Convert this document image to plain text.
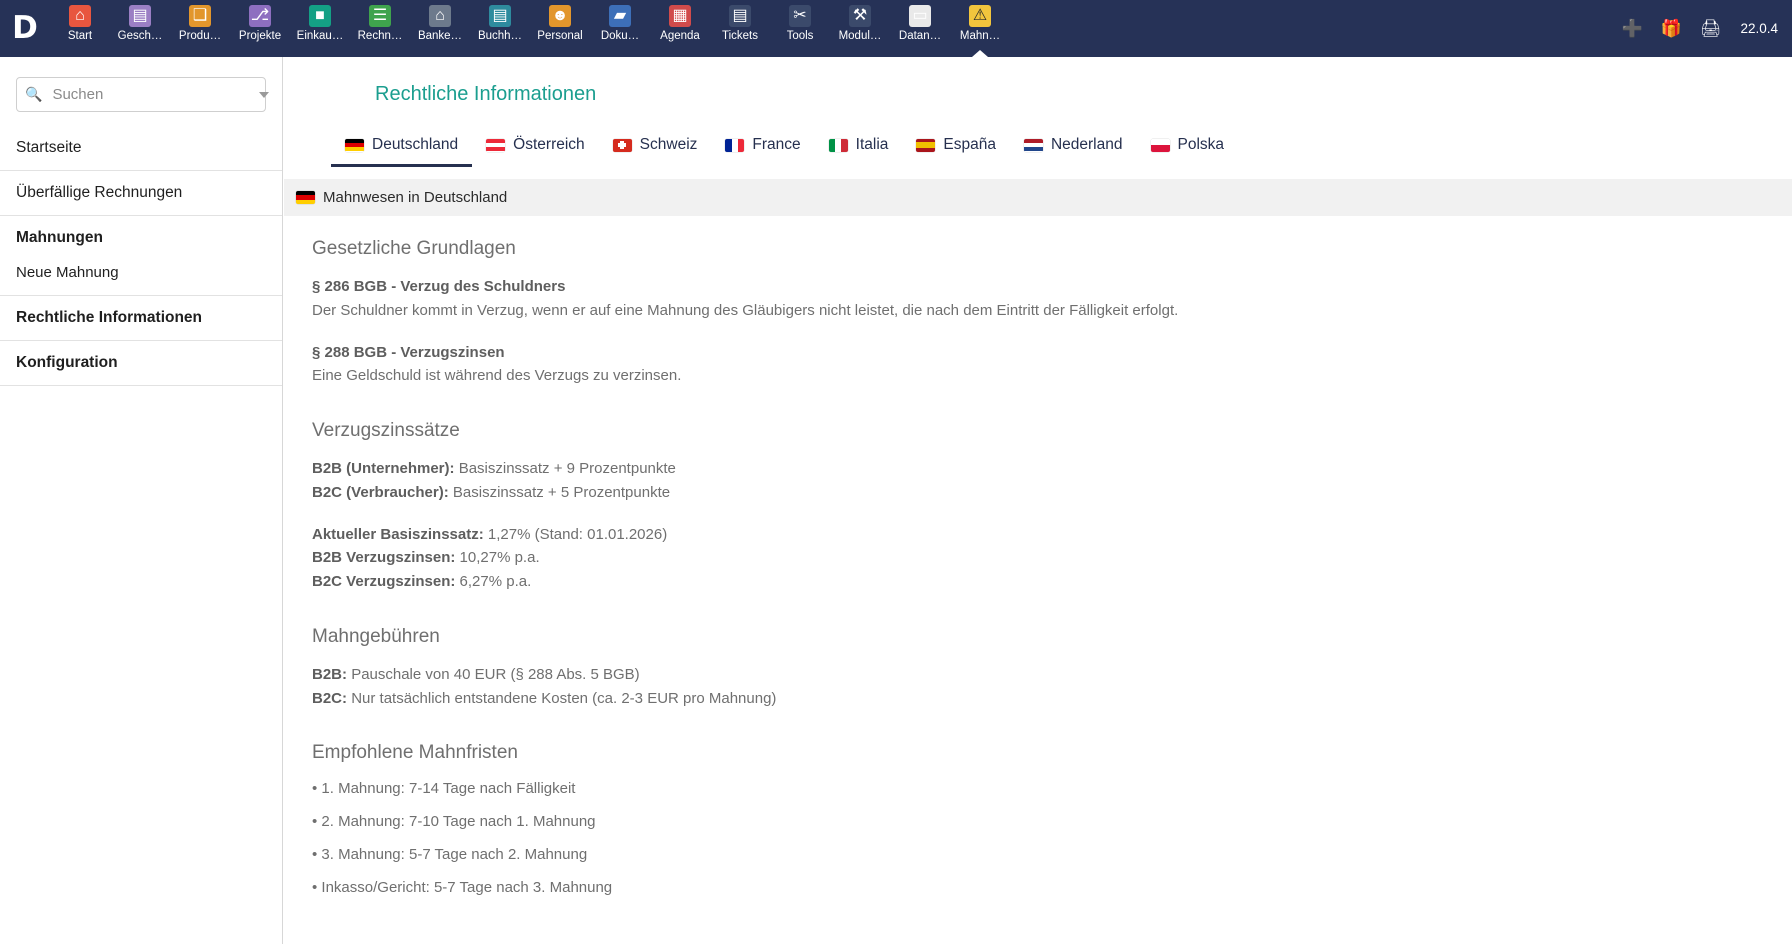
D	⌂
Start
▤
Gesch…
❑
Produ…
⎇
Projekte
■
Einkau…
☰
Rechn…
⌂
Banke…
▤
Buchh…
☻
Personal
▰
Doku…
▦
Agenda
▤
Tickets
✂
Tools
⚒
Modul…
▭
Datan…
⚠
Mahn…	➕ 🎁 🖨 22.0.4
🔍
Suchen
Startseite
Überfällige Rechnungen
Mahnungen
Neue Mahnung
Rechtliche Informationen
Konfiguration
Rechtliche Informationen
Deutschland	Österreich	Schweiz	France	Italia	España	Nederland	Polska
Mahnwesen in Deutschland
Gesetzliche Grundlagen

§ 286 BGB - Verzug des Schuldners

Der Schuldner kommt in Verzug, wenn er auf eine Mahnung des Gläubigers nicht leistet, die nach dem Eintritt der Fälligkeit erfolgt.

§ 288 BGB - Verzugszinsen

Eine Geldschuld ist während des Verzugs zu verzinsen.

Verzugszinssätze

B2B (Unternehmer): Basiszinssatz + 9 Prozentpunkte

B2C (Verbraucher): Basiszinssatz + 5 Prozentpunkte

Aktueller Basiszinssatz: 1,27% (Stand: 01.01.2026)

B2B Verzugszinsen: 10,27% p.a.

B2C Verzugszinsen: 6,27% p.a.

Mahngebühren

B2B: Pauschale von 40 EUR (§ 288 Abs. 5 BGB)

B2C: Nur tatsächlich entstandene Kosten (ca. 2-3 EUR pro Mahnung)

Empfohlene Mahnfristen

• 1. Mahnung: 7-14 Tage nach Fälligkeit

• 2. Mahnung: 7-10 Tage nach 1. Mahnung

• 3. Mahnung: 5-7 Tage nach 2. Mahnung

• Inkasso/Gericht: 5-7 Tage nach 3. Mahnung
